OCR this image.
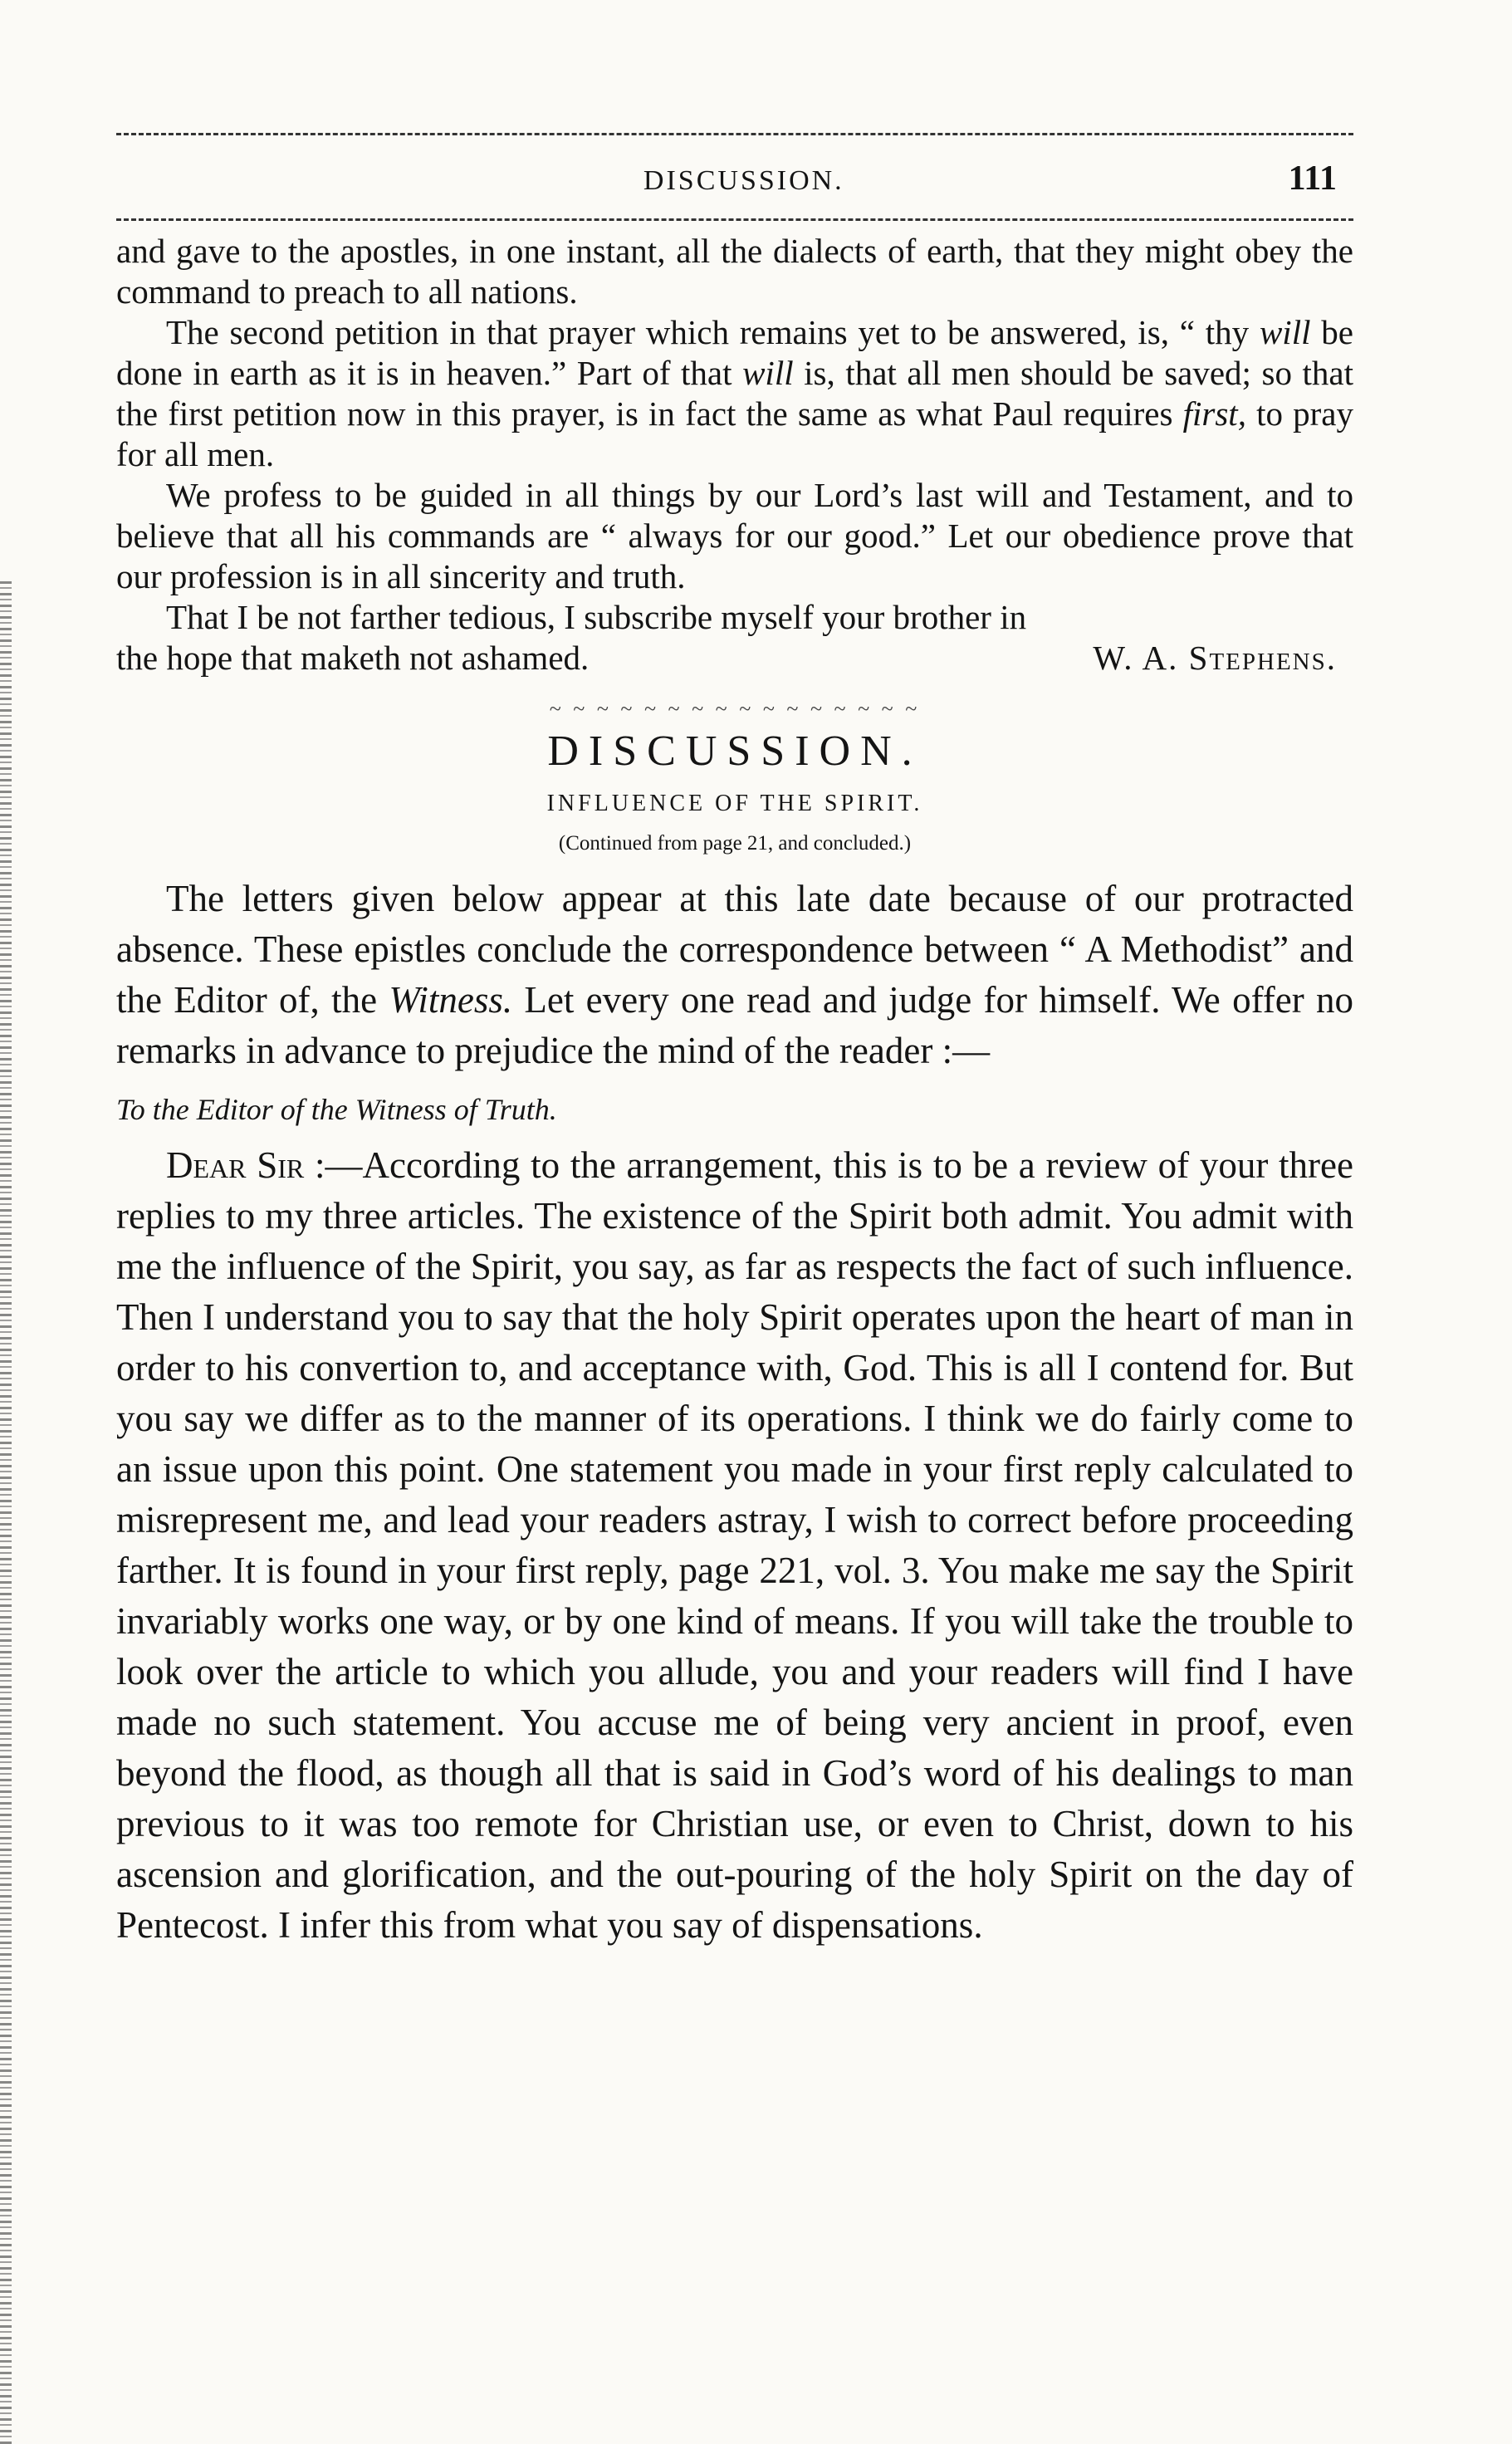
DISCUSSION.	111

and gave to the apostles, in one instant, all the dialects of earth, that they might obey the command to preach to all nations.

The second petition in that prayer which remains yet to be answered, is, “ thy will be done in earth as it is in heaven.” Part of that will is, that all men should be saved; so that the first petition now in this prayer, is in fact the same as what Paul requires first, to pray for all men.

We profess to be guided in all things by our Lord’s last will and Testament, and to believe that all his commands are “ always for our good.” Let our obedience prove that our profession is in all sincerity and truth.

That I be not farther tedious, I subscribe myself your brother in

the hope that maketh not ashamed.	W. A. Stephens.
~ ~ ~ ~ ~ ~ ~ ~ ~ ~ ~ ~ ~ ~ ~ ~
DISCUSSION.
INFLUENCE OF THE SPIRIT.
(Continued from page 21, and concluded.)

The letters given below appear at this late date because of our protracted absence. These epistles conclude the correspondence between “ A Methodist” and the Editor of, the Witness. Let every one read and judge for himself. We offer no remarks in advance to prejudice the mind of the reader :—

To the Editor of the Witness of Truth.

Dear Sir :—According to the arrangement, this is to be a review of your three replies to my three articles. The existence of the Spirit both admit. You admit with me the influence of the Spirit, you say, as far as respects the fact of such influence. Then I understand you to say that the holy Spirit operates upon the heart of man in order to his convertion to, and acceptance with, God. This is all I contend for. But you say we differ as to the manner of its operations. I think we do fairly come to an issue upon this point. One statement you made in your first reply calculated to misrepresent me, and lead your readers astray, I wish to correct before proceeding farther. It is found in your first reply, page 221, vol. 3. You make me say the Spirit invariably works one way, or by one kind of means. If you will take the trouble to look over the article to which you allude, you and your readers will find I have made no such statement. You accuse me of being very ancient in proof, even beyond the flood, as though all that is said in God’s word of his dealings to man previous to it was too remote for Christian use, or even to Christ, down to his ascension and glorification, and the out-pouring of the holy Spirit on the day of Pentecost. I infer this from what you say of dispensations.
